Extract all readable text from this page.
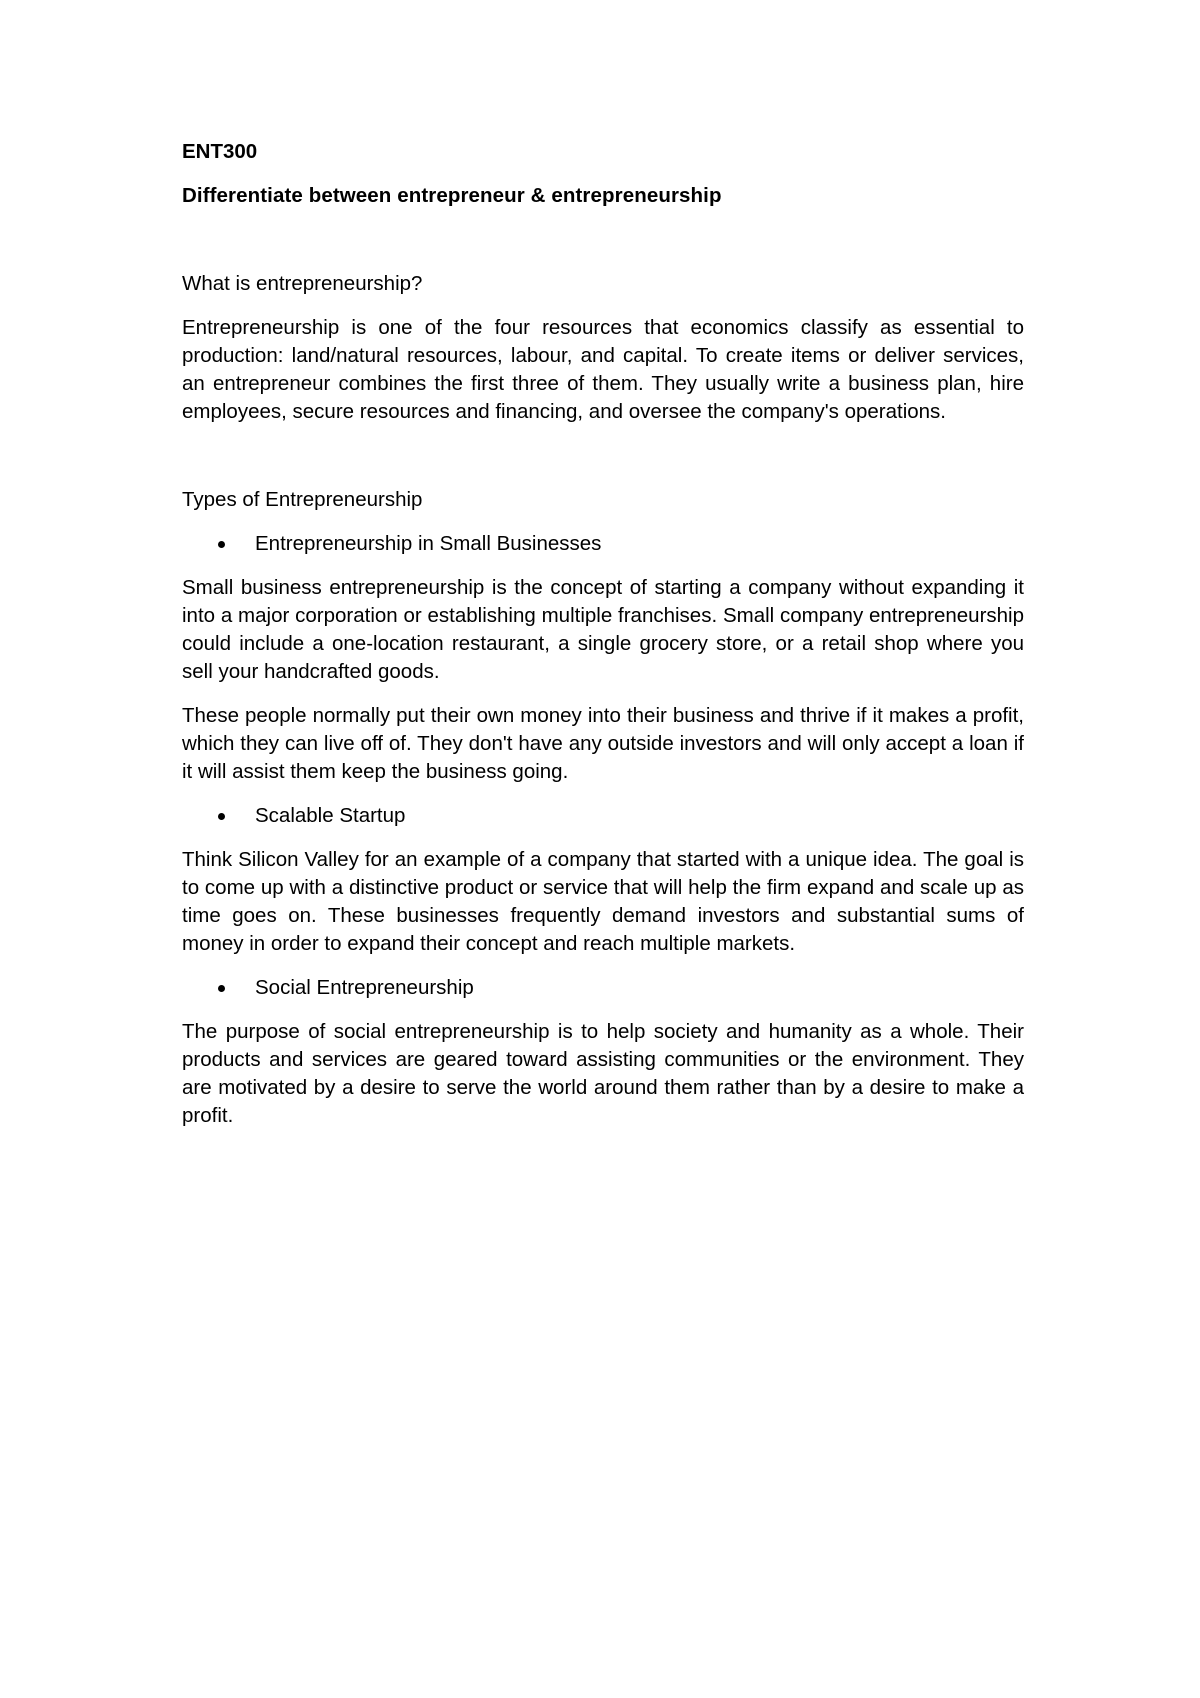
ENT300

Differentiate between entrepreneur & entrepreneurship

What is entrepreneurship?

Entrepreneurship is one of the four resources that economics classify as essential to production: land/natural resources, labour, and capital. To create items or deliver services, an entrepreneur combines the first three of them. They usually write a business plan, hire employees, secure resources and financing, and oversee the company's operations.

Types of Entrepreneurship

Entrepreneurship in Small Businesses

Small business entrepreneurship is the concept of starting a company without expanding it into a major corporation or establishing multiple franchises. Small company entrepreneurship could include a one-location restaurant, a single grocery store, or a retail shop where you sell your handcrafted goods.

These people normally put their own money into their business and thrive if it makes a profit, which they can live off of. They don't have any outside investors and will only accept a loan if it will assist them keep the business going.

Scalable Startup

Think Silicon Valley for an example of a company that started with a unique idea. The goal is to come up with a distinctive product or service that will help the firm expand and scale up as time goes on. These businesses frequently demand investors and substantial sums of money in order to expand their concept and reach multiple markets.

Social Entrepreneurship

The purpose of social entrepreneurship is to help society and humanity as a whole. Their products and services are geared toward assisting communities or the environment. They are motivated by a desire to serve the world around them rather than by a desire to make a profit.
